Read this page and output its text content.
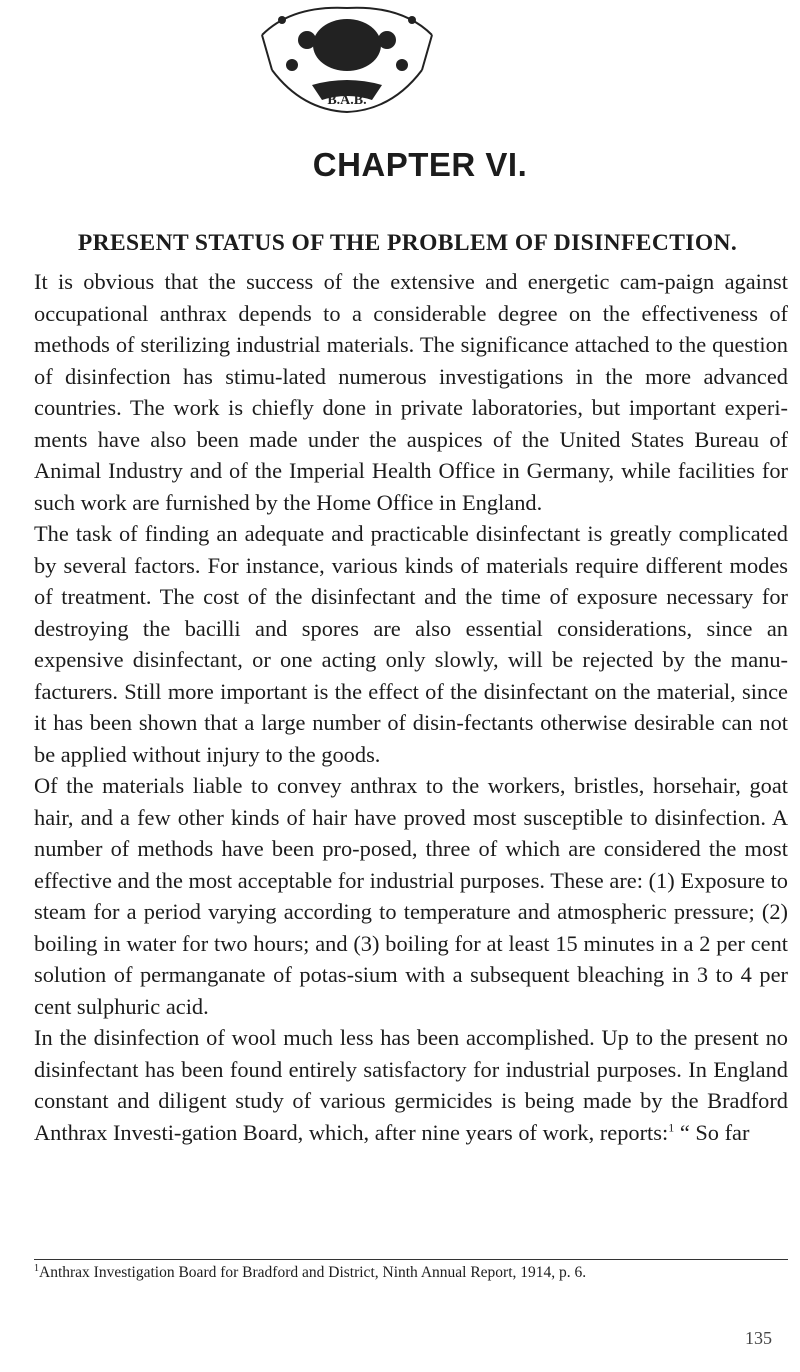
B.A.B.
CHAPTER VI.
PRESENT STATUS OF THE PROBLEM OF DISINFECTION.

It is obvious that the success of the extensive and energetic cam-paign against occupational anthrax depends to a considerable degree on the effectiveness of methods of sterilizing industrial materials. The significance attached to the question of disinfection has stimu-lated numerous investigations in the more advanced countries. The work is chiefly done in private laboratories, but important experi-ments have also been made under the auspices of the United States Bureau of Animal Industry and of the Imperial Health Office in Germany, while facilities for such work are furnished by the Home Office in England.

The task of finding an adequate and practicable disinfectant is greatly complicated by several factors. For instance, various kinds of materials require different modes of treatment. The cost of the disinfectant and the time of exposure necessary for destroying the bacilli and spores are also essential considerations, since an expensive disinfectant, or one acting only slowly, will be rejected by the manu-facturers. Still more important is the effect of the disinfectant on the material, since it has been shown that a large number of disin-fectants otherwise desirable can not be applied without injury to the goods.

Of the materials liable to convey anthrax to the workers, bristles, horsehair, goat hair, and a few other kinds of hair have proved most susceptible to disinfection. A number of methods have been pro-posed, three of which are considered the most effective and the most acceptable for industrial purposes. These are: (1) Exposure to steam for a period varying according to temperature and atmospheric pressure; (2) boiling in water for two hours; and (3) boiling for at least 15 minutes in a 2 per cent solution of permanganate of potas-sium with a subsequent bleaching in 3 to 4 per cent sulphuric acid.

In the disinfection of wool much less has been accomplished. Up to the present no disinfectant has been found entirely satisfactory for industrial purposes. In England constant and diligent study of various germicides is being made by the Bradford Anthrax Investi-gation Board, which, after nine years of work, reports:$^1$ “ So far

$^1$Anthrax Investigation Board for Bradford and District, Ninth Annual Report, 1914, p. 6.
135
